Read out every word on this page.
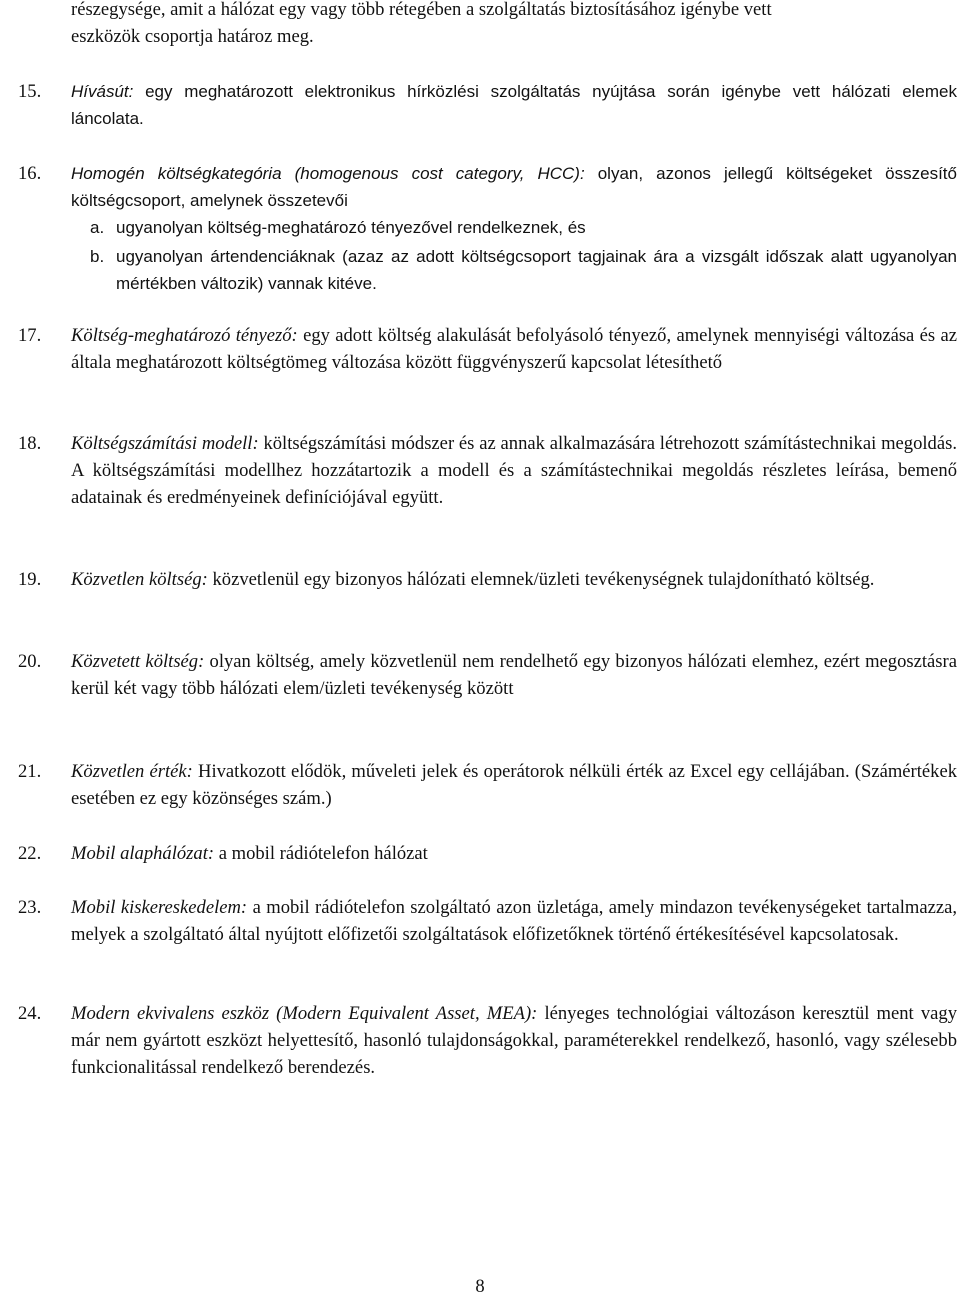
részegysége, amit a hálózat egy vagy több rétegében a szolgáltatás biztosításához igénybe vett
eszközök csoportja határoz meg.
15. Hívásút: egy meghatározott elektronikus hírközlési szolgáltatás nyújtása során igénybe vett hálózati elemek láncolata.
16. Homogén költségkategória (homogenous cost category, HCC): olyan, azonos jellegű költségeket összesítő költségcsoport, amelynek összetevői
a. ugyanolyan költség-meghatározó tényezővel rendelkeznek, és
b. ugyanolyan ártendenciáknak (azaz az adott költségcsoport tagjainak ára a vizsgált időszak alatt ugyanolyan mértékben változik) vannak kitéve.
17. Költség-meghatározó tényező: egy adott költség alakulását befolyásoló tényező, amelynek mennyiségi változása és az általa meghatározott költségtömeg változása között függvényszerű kapcsolat létesíthető
18. Költségszámítási modell: költségszámítási módszer és az annak alkalmazására létrehozott számítástechnikai megoldás. A költségszámítási modellhez hozzátartozik a modell és a számítástechnikai megoldás részletes leírása, bemenő adatainak és eredményeinek definíciójával együtt.
19. Közvetlen költség: közvetlenül egy bizonyos hálózati elemnek/üzleti tevékenységnek tulajdonítható költség.
20. Közvetett költség: olyan költség, amely közvetlenül nem rendelhető egy bizonyos hálózati elemhez, ezért megosztásra kerül két vagy több hálózati elem/üzleti tevékenység között
21. Közvetlen érték: Hivatkozott elődök, műveleti jelek és operátorok nélküli érték az Excel egy cellájában. (Számértékek esetében ez egy közönséges szám.)
22. Mobil alaphálózat: a mobil rádiótelefon hálózat
23. Mobil kiskereskedelem: a mobil rádiótelefon szolgáltató azon üzletága, amely mindazon tevékenységeket tartalmazza, melyek a szolgáltató által nyújtott előfizetői szolgáltatások előfizetőknek történő értékesítésével kapcsolatosak.
24. Modern ekvivalens eszköz (Modern Equivalent Asset, MEA): lényeges technológiai változáson keresztül ment vagy már nem gyártott eszközt helyettesítő, hasonló tulajdonságokkal, paraméterekkel rendelkező, hasonló, vagy szélesebb funkcionalitással rendelkező berendezés.
8
